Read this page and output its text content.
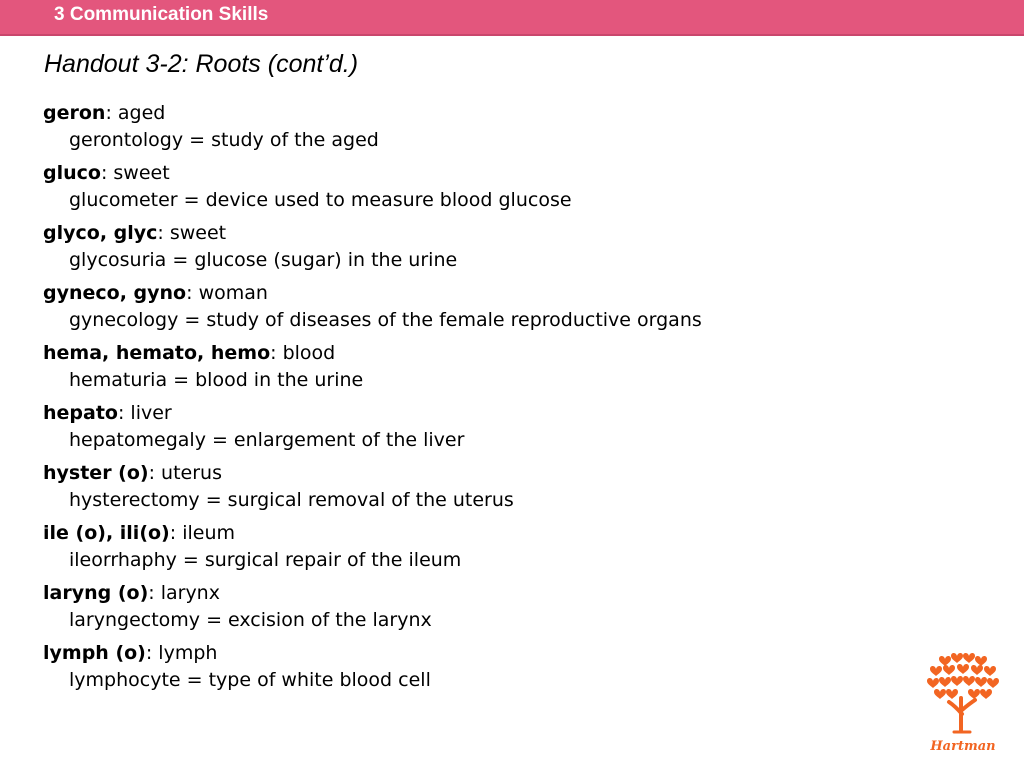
3 Communication Skills
Handout 3-2: Roots (cont’d.)
geron: aged
gerontology = study of the aged
gluco: sweet
glucometer = device used to measure blood glucose
glyco, glyc: sweet
glycosuria = glucose (sugar) in the urine
gyneco, gyno: woman
gynecology = study of diseases of the female reproductive organs
hema, hemato, hemo: blood
hematuria = blood in the urine
hepato: liver
hepatomegaly = enlargement of the liver
hyster (o): uterus
hysterectomy = surgical removal of the uterus
ile (o), ili(o): ileum
ileorrhaphy = surgical repair of the ileum
laryng (o): larynx
laryngectomy = excision of the larynx
lymph (o): lymph
lymphocyte = type of white blood cell
Hartman
